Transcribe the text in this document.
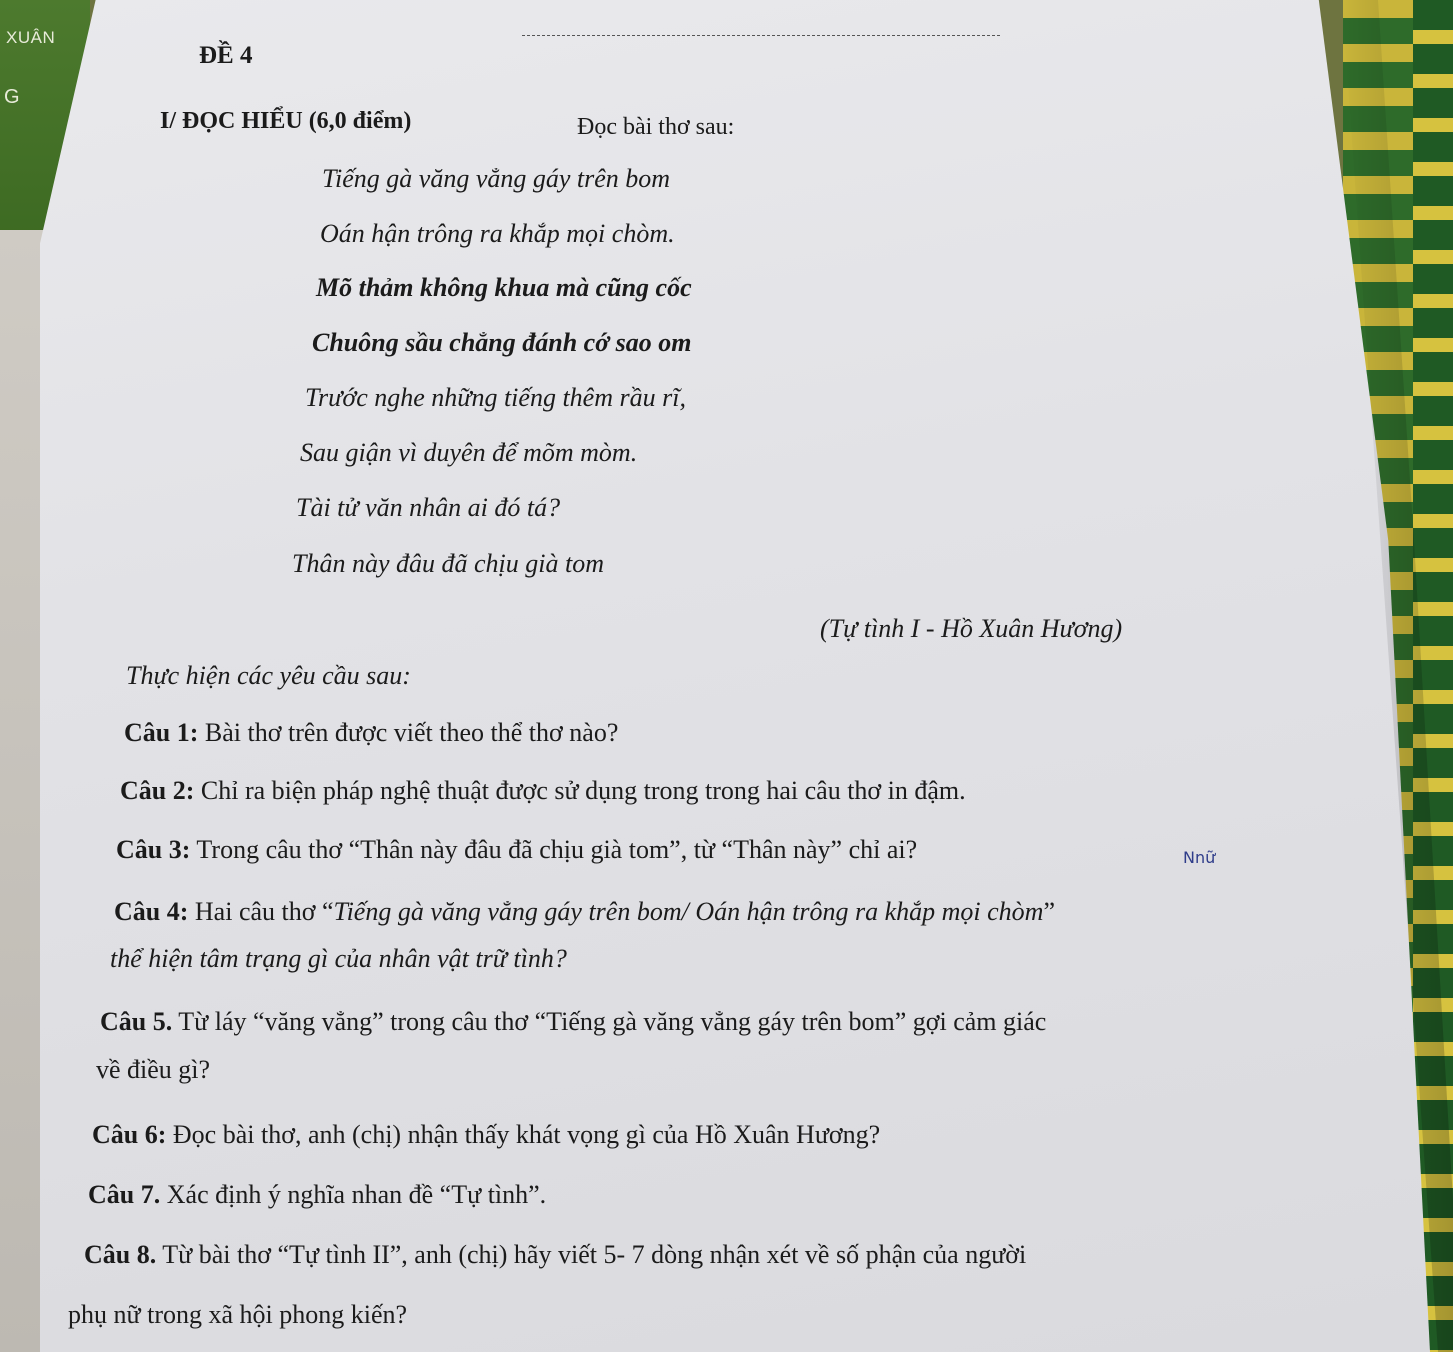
XUÂN
G
ĐỀ 4
I/ ĐỌC HIỂU (6,0 điểm)	Đọc bài thơ sau:
Tiếng gà văng vẳng gáy trên bom
Oán hận trông ra khắp mọi chòm.
Mõ thảm không khua mà cũng cốc
Chuông sầu chẳng đánh cớ sao om
Trước nghe những tiếng thêm rầu rĩ,
Sau giận vì duyên để mõm mòm.
Tài tử văn nhân ai đó tá?
Thân này đâu đã chịu già tom
(Tự tình I - Hồ Xuân Hương)
Thực hiện các yêu cầu sau:
Câu 1: Bài thơ trên được viết theo thể thơ nào?
Câu 2: Chỉ ra biện pháp nghệ thuật được sử dụng trong trong hai câu thơ in đậm.
Câu 3: Trong câu thơ “Thân này đâu đã chịu già tom”, từ “Thân này” chỉ ai?	Nnữ
Câu 4: Hai câu thơ “Tiếng gà văng vẳng gáy trên bom/ Oán hận trông ra khắp mọi chòm”
thể hiện tâm trạng gì của nhân vật trữ tình?
Câu 5. Từ láy “văng vẳng” trong câu thơ “Tiếng gà văng vẳng gáy trên bom” gợi cảm giác
về điều gì?
Câu 6: Đọc bài thơ, anh (chị) nhận thấy khát vọng gì của Hồ Xuân Hương?
Câu 7. Xác định ý nghĩa nhan đề “Tự tình”.
Câu 8. Từ bài thơ “Tự tình II”, anh (chị) hãy viết 5- 7 dòng nhận xét về số phận của người
phụ nữ trong xã hội phong kiến?
